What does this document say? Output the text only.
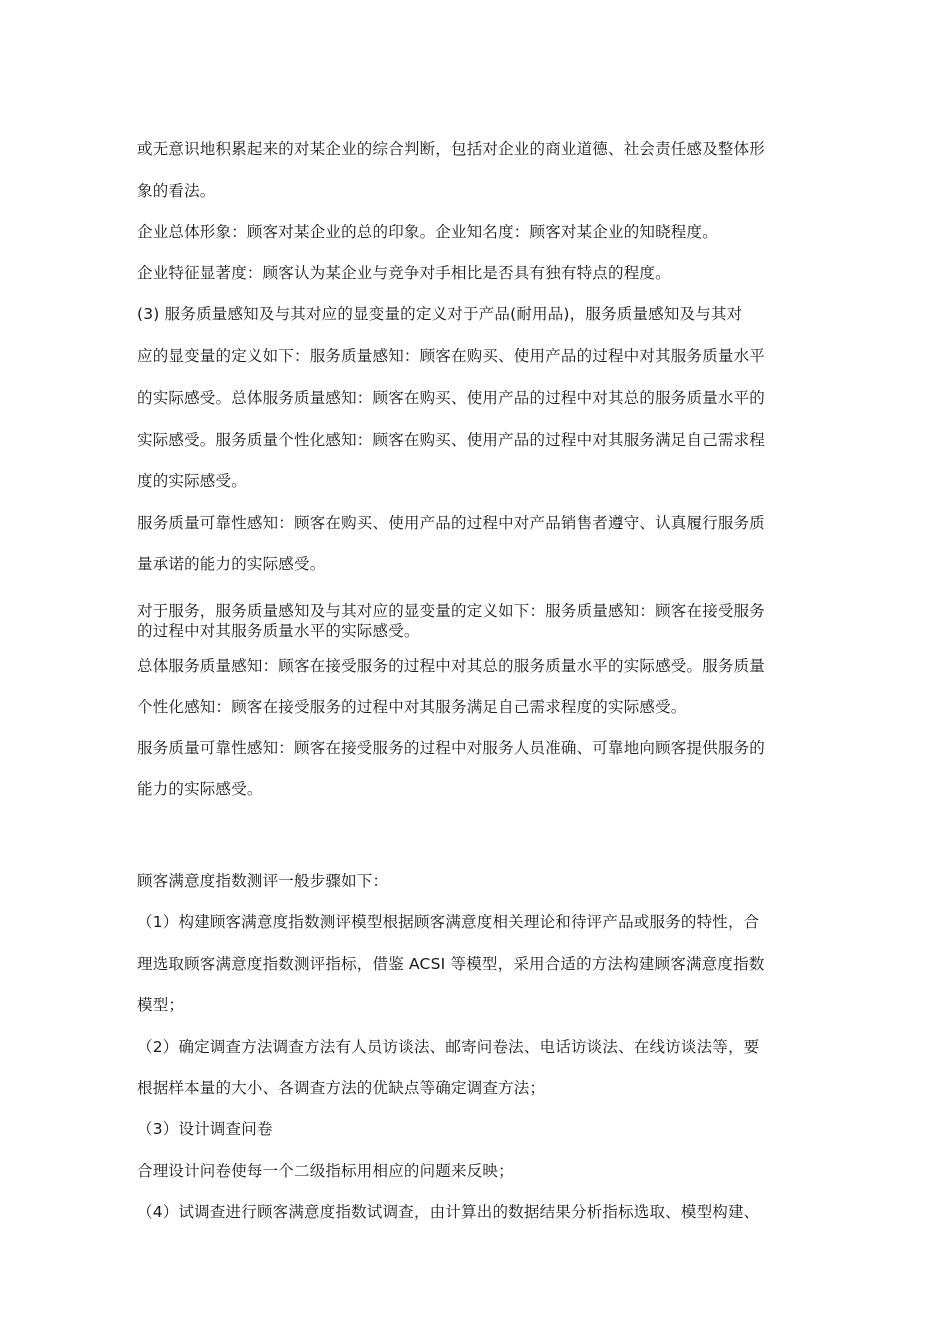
或无意识地积累起来的对某企业的综合判断，包括对企业的商业道德、社会责任感及整体形
象的看法。
企业总体形象：顾客对某企业的总的印象。企业知名度：顾客对某企业的知晓程度。
企业特征显著度：顾客认为某企业与竞争对手相比是否具有独有特点的程度。
(3) 服务质量感知及与其对应的显变量的定义对于产品(耐用品)，服务质量感知及与其对
应的显变量的定义如下：服务质量感知：顾客在购买、使用产品的过程中对其服务质量水平
的实际感受。总体服务质量感知：顾客在购买、使用产品的过程中对其总的服务质量水平的
实际感受。服务质量个性化感知：顾客在购买、使用产品的过程中对其服务满足自己需求程
度的实际感受。
服务质量可靠性感知：顾客在购买、使用产品的过程中对产品销售者遵守、认真履行服务质
量承诺的能力的实际感受。
对于服务，服务质量感知及与其对应的显变量的定义如下：服务质量感知：顾客在接受服务
的过程中对其服务质量水平的实际感受。
总体服务质量感知：顾客在接受服务的过程中对其总的服务质量水平的实际感受。服务质量
个性化感知：顾客在接受服务的过程中对其服务满足自己需求程度的实际感受。
服务质量可靠性感知：顾客在接受服务的过程中对服务人员准确、可靠地向顾客提供服务的
能力的实际感受。
顾客满意度指数测评一般步骤如下：
（1）构建顾客满意度指数测评模型根据顾客满意度相关理论和待评产品或服务的特性，合
理选取顾客满意度指数测评指标，借鉴 ACSI 等模型，采用合适的方法构建顾客满意度指数
模型；
（2）确定调查方法调查方法有人员访谈法、邮寄问卷法、电话访谈法、在线访谈法等，要
根据样本量的大小、各调查方法的优缺点等确定调查方法；
（3）设计调查问卷
合理设计问卷使每一个二级指标用相应的问题来反映；
（4）试调查进行顾客满意度指数试调查，由计算出的数据结果分析指标选取、模型构建、
